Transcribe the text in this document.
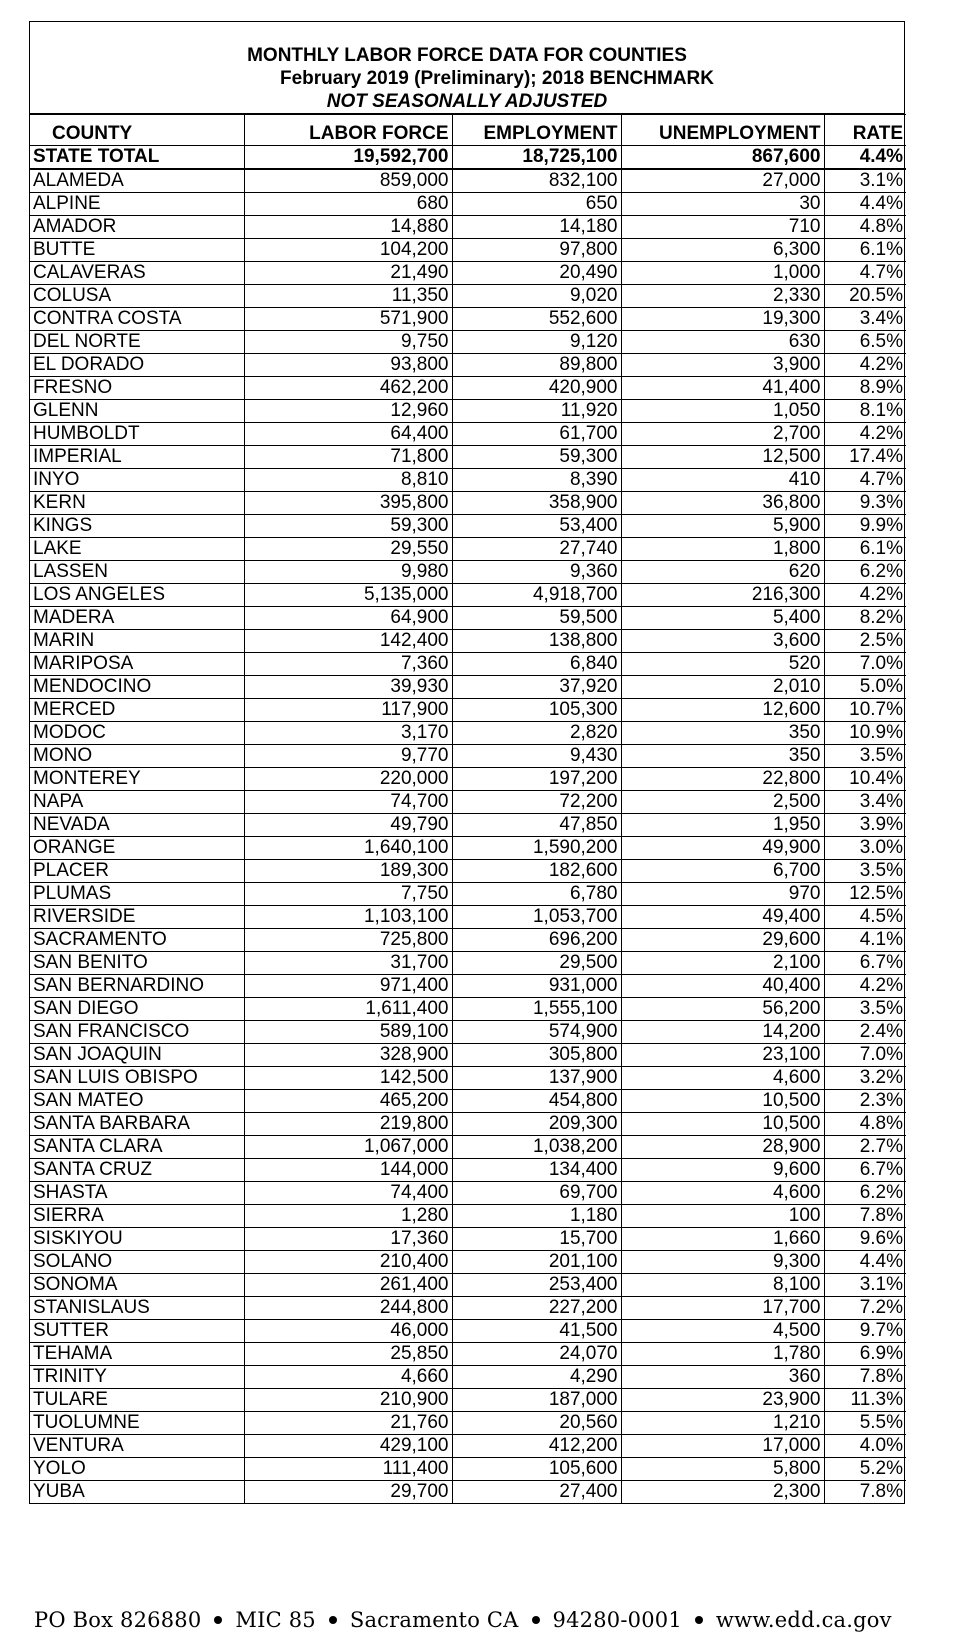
MONTHLY LABOR FORCE DATA FOR COUNTIES
February 2019 (Preliminary); 2018 BENCHMARK
NOT SEASONALLY ADJUSTED
COUNTY	LABOR FORCE	EMPLOYMENT	UNEMPLOYMENT	RATE
STATE TOTAL	19,592,700	18,725,100	867,600	4.4%
ALAMEDA	859,000	832,100	27,000	3.1%
ALPINE	680	650	30	4.4%
AMADOR	14,880	14,180	710	4.8%
BUTTE	104,200	97,800	6,300	6.1%
CALAVERAS	21,490	20,490	1,000	4.7%
COLUSA	11,350	9,020	2,330	20.5%
CONTRA COSTA	571,900	552,600	19,300	3.4%
DEL NORTE	9,750	9,120	630	6.5%
EL DORADO	93,800	89,800	3,900	4.2%
FRESNO	462,200	420,900	41,400	8.9%
GLENN	12,960	11,920	1,050	8.1%
HUMBOLDT	64,400	61,700	2,700	4.2%
IMPERIAL	71,800	59,300	12,500	17.4%
INYO	8,810	8,390	410	4.7%
KERN	395,800	358,900	36,800	9.3%
KINGS	59,300	53,400	5,900	9.9%
LAKE	29,550	27,740	1,800	6.1%
LASSEN	9,980	9,360	620	6.2%
LOS ANGELES	5,135,000	4,918,700	216,300	4.2%
MADERA	64,900	59,500	5,400	8.2%
MARIN	142,400	138,800	3,600	2.5%
MARIPOSA	7,360	6,840	520	7.0%
MENDOCINO	39,930	37,920	2,010	5.0%
MERCED	117,900	105,300	12,600	10.7%
MODOC	3,170	2,820	350	10.9%
MONO	9,770	9,430	350	3.5%
MONTEREY	220,000	197,200	22,800	10.4%
NAPA	74,700	72,200	2,500	3.4%
NEVADA	49,790	47,850	1,950	3.9%
ORANGE	1,640,100	1,590,200	49,900	3.0%
PLACER	189,300	182,600	6,700	3.5%
PLUMAS	7,750	6,780	970	12.5%
RIVERSIDE	1,103,100	1,053,700	49,400	4.5%
SACRAMENTO	725,800	696,200	29,600	4.1%
SAN BENITO	31,700	29,500	2,100	6.7%
SAN BERNARDINO	971,400	931,000	40,400	4.2%
SAN DIEGO	1,611,400	1,555,100	56,200	3.5%
SAN FRANCISCO	589,100	574,900	14,200	2.4%
SAN JOAQUIN	328,900	305,800	23,100	7.0%
SAN LUIS OBISPO	142,500	137,900	4,600	3.2%
SAN MATEO	465,200	454,800	10,500	2.3%
SANTA BARBARA	219,800	209,300	10,500	4.8%
SANTA CLARA	1,067,000	1,038,200	28,900	2.7%
SANTA CRUZ	144,000	134,400	9,600	6.7%
SHASTA	74,400	69,700	4,600	6.2%
SIERRA	1,280	1,180	100	7.8%
SISKIYOU	17,360	15,700	1,660	9.6%
SOLANO	210,400	201,100	9,300	4.4%
SONOMA	261,400	253,400	8,100	3.1%
STANISLAUS	244,800	227,200	17,700	7.2%
SUTTER	46,000	41,500	4,500	9.7%
TEHAMA	25,850	24,070	1,780	6.9%
TRINITY	4,660	4,290	360	7.8%
TULARE	210,900	187,000	23,900	11.3%
TUOLUMNE	21,760	20,560	1,210	5.5%
VENTURA	429,100	412,200	17,000	4.0%
YOLO	111,400	105,600	5,800	5.2%
YUBA	29,700	27,400	2,300	7.8%
PO Box 826880 MIC 85 Sacramento CA 94280-0001 www.edd.ca.gov
